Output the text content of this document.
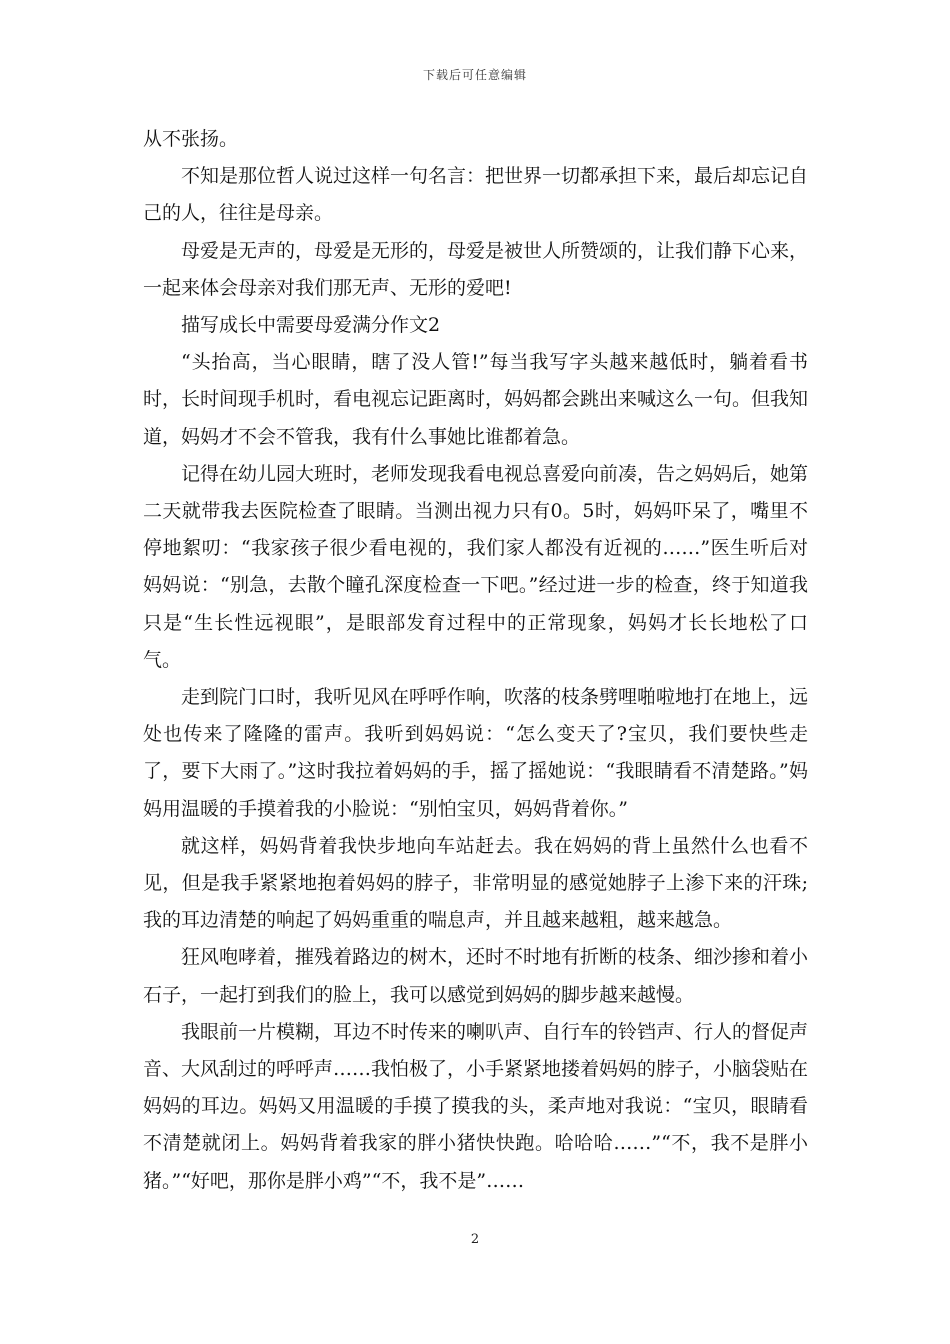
下载后可任意编辑

从不张扬。

不知是那位哲人说过这样一句名言：把世界一切都承担下来，最后却忘记自己的人，往往是母亲。

母爱是无声的，母爱是无形的，母爱是被世人所赞颂的，让我们静下心来，一起来体会母亲对我们那无声、无形的爱吧!

描写成长中需要母爱满分作文2

“头抬高，当心眼睛，瞎了没人管!”每当我写字头越来越低时，躺着看书时，长时间现手机时，看电视忘记距离时，妈妈都会跳出来喊这么一句。但我知道，妈妈才不会不管我，我有什么事她比谁都着急。

记得在幼儿园大班时，老师发现我看电视总喜爱向前凑，告之妈妈后，她第二天就带我去医院检查了眼睛。当测出视力只有0。5时，妈妈吓呆了，嘴里不停地絮叨：“我家孩子很少看电视的，我们家人都没有近视的……”医生听后对妈妈说：“别急，去散个瞳孔深度检查一下吧。”经过进一步的检查，终于知道我只是“生长性远视眼”，是眼部发育过程中的正常现象，妈妈才长长地松了口气。

走到院门口时，我听见风在呼呼作响，吹落的枝条劈哩啪啦地打在地上，远处也传来了隆隆的雷声。我听到妈妈说：“怎么变天了?宝贝，我们要快些走了，要下大雨了。”这时我拉着妈妈的手，摇了摇她说：“我眼睛看不清楚路。”妈妈用温暖的手摸着我的小脸说：“别怕宝贝，妈妈背着你。”

就这样，妈妈背着我快步地向车站赶去。我在妈妈的背上虽然什么也看不见，但是我手紧紧地抱着妈妈的脖子，非常明显的感觉她脖子上渗下来的汗珠;我的耳边清楚的响起了妈妈重重的喘息声，并且越来越粗，越来越急。

狂风咆哮着，摧残着路边的树木，还时不时地有折断的枝条、细沙掺和着小石子，一起打到我们的脸上，我可以感觉到妈妈的脚步越来越慢。

我眼前一片模糊，耳边不时传来的喇叭声、自行车的铃铛声、行人的督促声音、大风刮过的呼呼声……我怕极了，小手紧紧地搂着妈妈的脖子，小脑袋贴在妈妈的耳边。妈妈又用温暖的手摸了摸我的头，柔声地对我说：“宝贝，眼睛看不清楚就闭上。妈妈背着我家的胖小猪快快跑。哈哈哈……”“不，我不是胖小猪。”“好吧，那你是胖小鸡”“不，我不是”……

2
